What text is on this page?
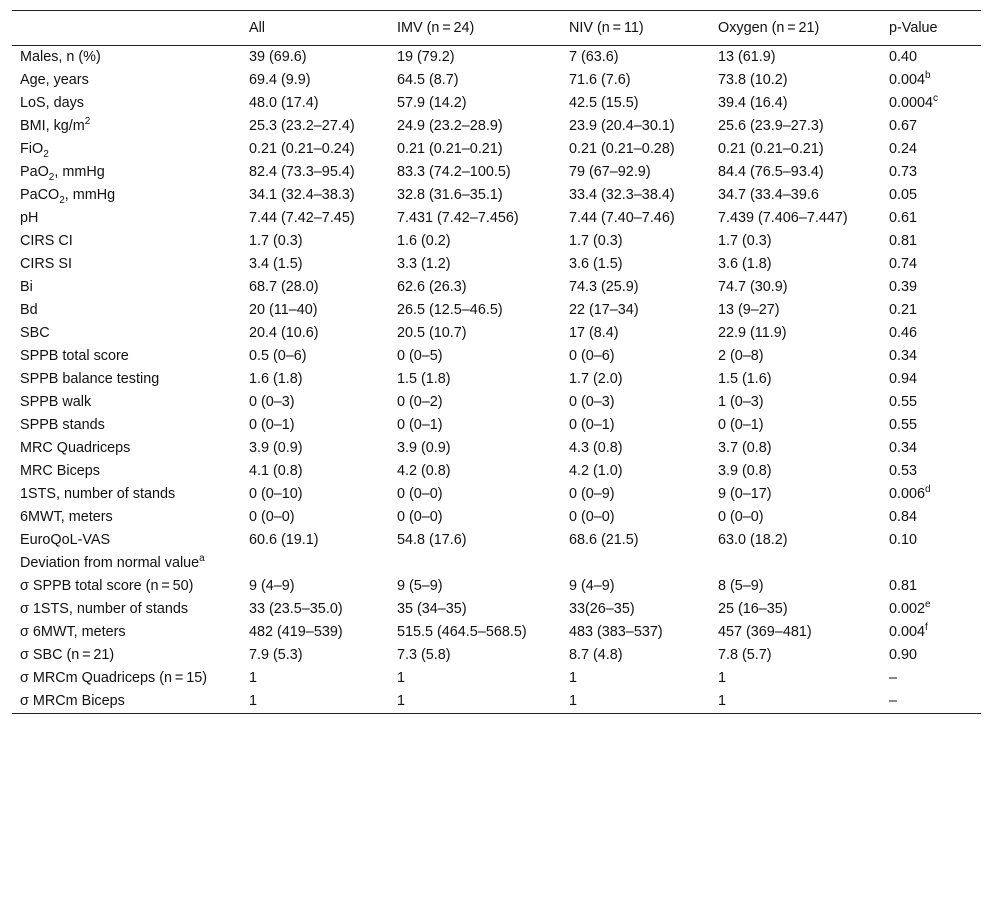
	All	IMV (n = 24)	NIV (n = 11)	Oxygen (n = 21)	p-Value
Males, n (%)	39 (69.6)	19 (79.2)	7 (63.6)	13 (61.9)	0.40
Age, years	69.4 (9.9)	64.5 (8.7)	71.6 (7.6)	73.8 (10.2)	0.004$^b$
LoS, days	48.0 (17.4)	57.9 (14.2)	42.5 (15.5)	39.4 (16.4)	0.0004$^c$
BMI, $kg/m^2$	25.3 (23.2–27.4)	24.9 (23.2–28.9)	23.9 (20.4–30.1)	25.6 (23.9–27.3)	0.67
FiO$_2$	0.21 (0.21–0.24)	0.21 (0.21–0.21)	0.21 (0.21–0.28)	0.21 (0.21–0.21)	0.24
PaO$_2$, mmHg	82.4 (73.3–95.4)	83.3 (74.2–100.5)	79 (67–92.9)	84.4 (76.5–93.4)	0.73
PaCO$_2$, mmHg	34.1 (32.4–38.3)	32.8 (31.6–35.1)	33.4 (32.3–38.4)	34.7 (33.4–39.6	0.05
pH	7.44 (7.42–7.45)	7.431 (7.42–7.456)	7.44 (7.40–7.46)	7.439 (7.406–7.447)	0.61
CIRS CI	1.7 (0.3)	1.6 (0.2)	1.7 (0.3)	1.7 (0.3)	0.81
CIRS SI	3.4 (1.5)	3.3 (1.2)	3.6 (1.5)	3.6 (1.8)	0.74
Bi	68.7 (28.0)	62.6 (26.3)	74.3 (25.9)	74.7 (30.9)	0.39
Bd	20 (11–40)	26.5 (12.5–46.5)	22 (17–34)	13 (9–27)	0.21
SBC	20.4 (10.6)	20.5 (10.7)	17 (8.4)	22.9 (11.9)	0.46
SPPB total score	0.5 (0–6)	0 (0–5)	0 (0–6)	2 (0–8)	0.34
SPPB balance testing	1.6 (1.8)	1.5 (1.8)	1.7 (2.0)	1.5 (1.6)	0.94
SPPB walk	0 (0–3)	0 (0–2)	0 (0–3)	1 (0–3)	0.55
SPPB stands	0 (0–1)	0 (0–1)	0 (0–1)	0 (0–1)	0.55
MRC Quadriceps	3.9 (0.9)	3.9 (0.9)	4.3 (0.8)	3.7 (0.8)	0.34
MRC Biceps	4.1 (0.8)	4.2 (0.8)	4.2 (1.0)	3.9 (0.8)	0.53
1STS, number of stands	0 (0–10)	0 (0–0)	0 (0–9)	9 (0–17)	0.006$^d$
6MWT, meters	0 (0–0)	0 (0–0)	0 (0–0)	0 (0–0)	0.84
EuroQoL-VAS	60.6 (19.1)	54.8 (17.6)	68.6 (21.5)	63.0 (18.2)	0.10
Deviation from normal value$^a$					
σ SPPB total score (n = 50)	9 (4–9)	9 (5–9)	9 (4–9)	8 (5–9)	0.81
σ 1STS, number of stands	33 (23.5–35.0)	35 (34–35)	33(26–35)	25 (16–35)	0.002e
σ 6MWT, meters	482 (419–539)	515.5 (464.5–568.5)	483 (383–537)	457 (369–481)	0.004$^f$
σ SBC (n = 21)	7.9 (5.3)	7.3 (5.8)	8.7 (4.8)	7.8 (5.7)	0.90
σ MRCm Quadriceps (n = 15)	1	1	1	1	–
σ MRCm Biceps	1	1	1	1	–
